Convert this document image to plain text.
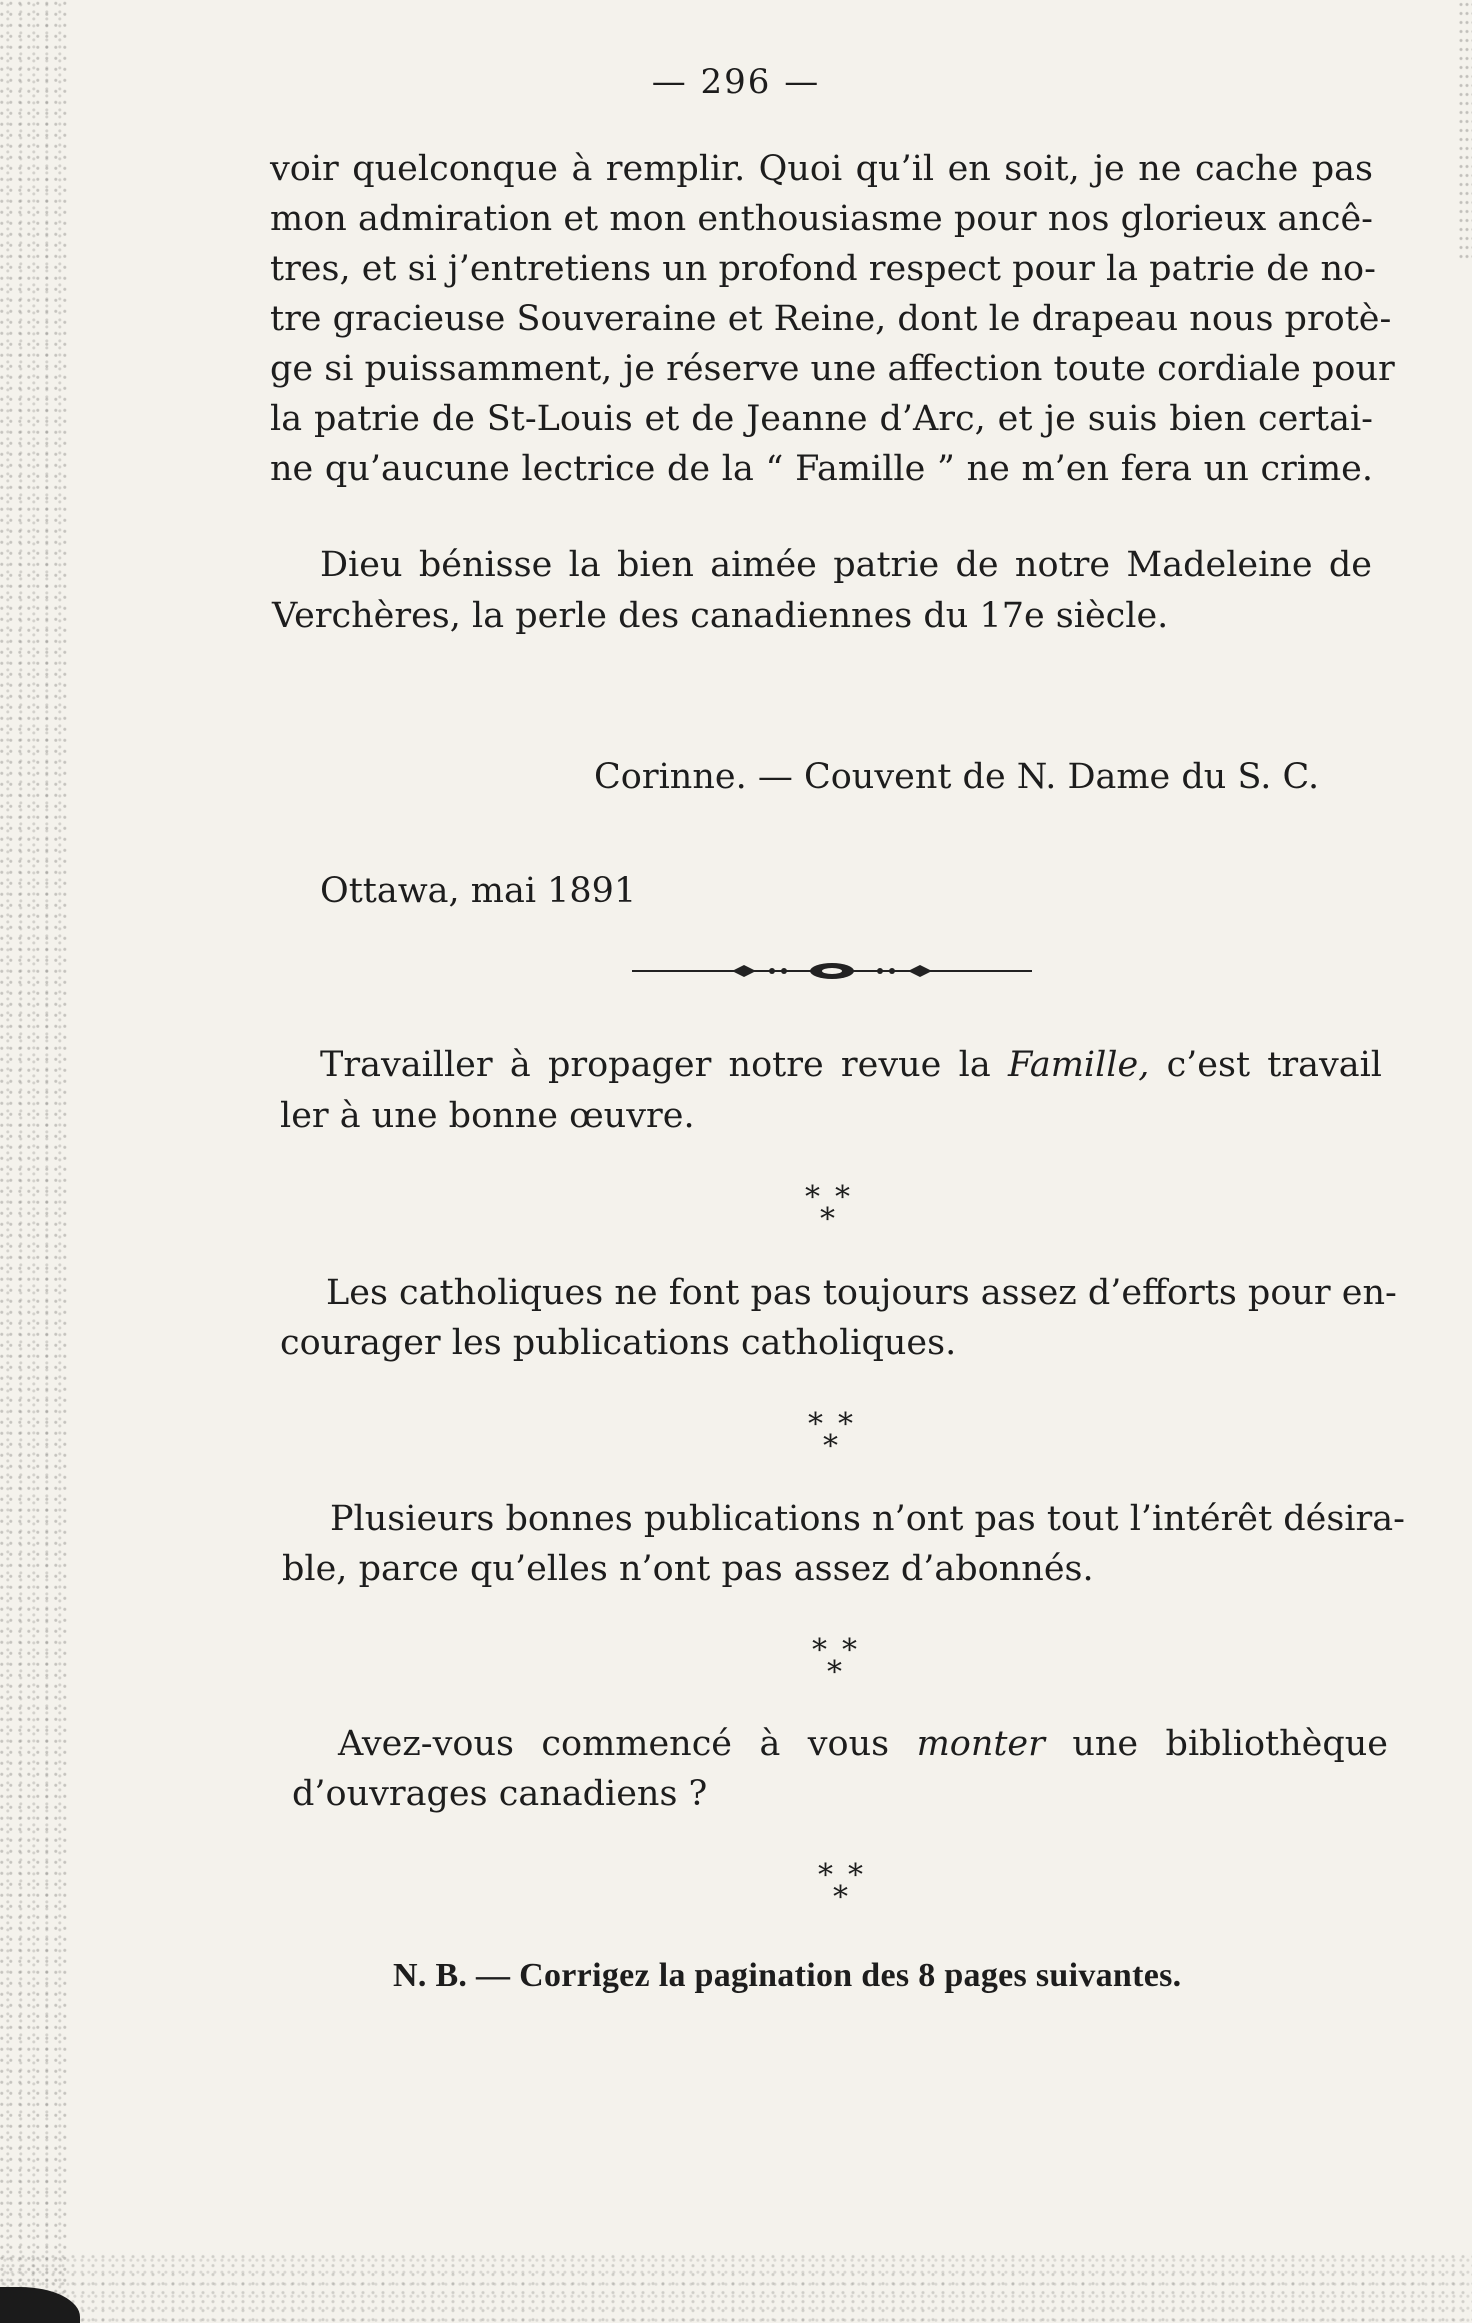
— 296 —
voir quelconque à remplir. Quoi qu’il en soit, je ne cache pas
mon admiration et mon enthousiasme pour nos glorieux ancê-
tres, et si j’entretiens un profond respect pour la patrie de no-
tre gracieuse Souveraine et Reine, dont le drapeau nous protè-
ge si puissamment, je réserve une affection toute cordiale pour
la patrie de St-Louis et de Jeanne d’Arc, et je suis bien certai-
ne qu’aucune lectrice de la “ Famille ” ne m’en fera un crime.
Dieu bénisse la bien aimée patrie de notre Madeleine de
Verchères, la perle des canadiennes du 17e siècle.
Corinne. — Couvent de N. Dame du S. C.
Ottawa, mai 1891
Travailler à propager notre revue la Famille, c’est travail
ler à une bonne œuvre.
* *
*
Les catholiques ne font pas toujours assez d’efforts pour en-
courager les publications catholiques.
* *
*
Plusieurs bonnes publications n’ont pas tout l’intérêt désira-
ble, parce qu’elles n’ont pas assez d’abonnés.
* *
*
Avez-vous commencé à vous monter une bibliothèque
d’ouvrages canadiens ?
* *
*
N. B. — Corrigez la pagination des 8 pages suivantes.
